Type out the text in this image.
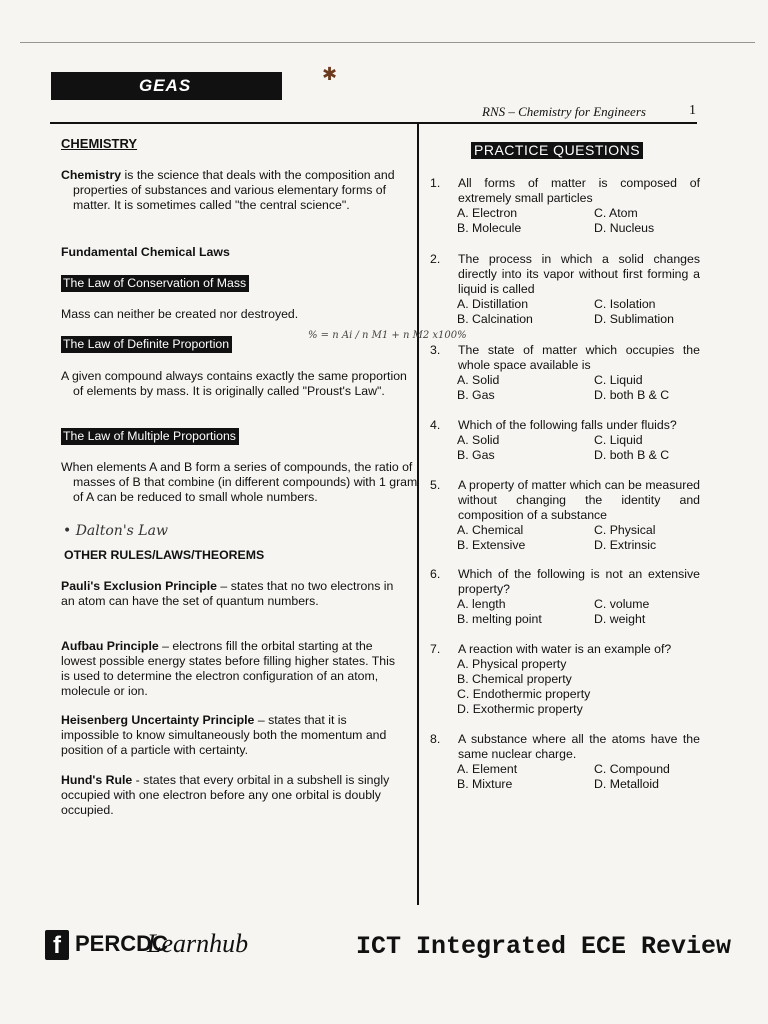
GEAS
✱
RNS – Chemistry for Engineers	1
% = n Ai / n M1 + n M2 x100%

CHEMISTRY

Chemistry is the science that deals with the composition and properties of substances and various elementary forms of matter. It is sometimes called "the central science".
Fundamental Chemical Laws
The Law of Conservation of Mass
Mass can neither be created nor destroyed.
The Law of Definite Proportion
A given compound always contains exactly the same proportion of elements by mass. It is originally called "Proust's Law".
The Law of Multiple Proportions
When elements A and B form a series of compounds, the ratio of masses of B that combine (in different compounds) with 1 gram of A can be reduced to small whole numbers.
• Dalton's Law
OTHER RULES/LAWS/THEOREMS
Pauli's Exclusion Principle – states that no two electrons in an atom can have the set of quantum numbers.
Aufbau Principle – electrons fill the orbital starting at the lowest possible energy states before filling higher states. This is used to determine the electron configuration of an atom, molecule or ion.
Heisenberg Uncertainty Principle – states that it is impossible to know simultaneously both the momentum and position of a particle with certainty.
Hund's Rule - states that every orbital in a subshell is singly occupied with one electron before any one orbital is doubly occupied.
PRACTICE QUESTIONS
1. All forms of matter is composed of extremely small particles
A. Electron	C. Atom
B. Molecule	D. Nucleus
2. The process in which a solid changes directly into its vapor without first forming a liquid is called
A. Distillation	C. Isolation
B. Calcination	D. Sublimation
3. The state of matter which occupies the whole space available is
A. Solid	C. Liquid
B. Gas	D. both B & C
4. Which of the following falls under fluids?
A. Solid	C. Liquid
B. Gas	D. both B & C
5. A property of matter which can be measured without changing the identity and composition of a substance
A. Chemical	C. Physical
B. Extensive	D. Extrinsic
6. Which of the following is not an extensive property?
A. length	C. volume
B. melting point	D. weight
7. A reaction with water is an example of?
A. Physical property
B. Chemical property
C. Endothermic property
D. Exothermic property
8. A substance where all the atoms have the same nuclear charge.
A. Element	C. Compound
B. Mixture	D. Metalloid
f PERCDC
Learnhub	ICT Integrated ECE Review
